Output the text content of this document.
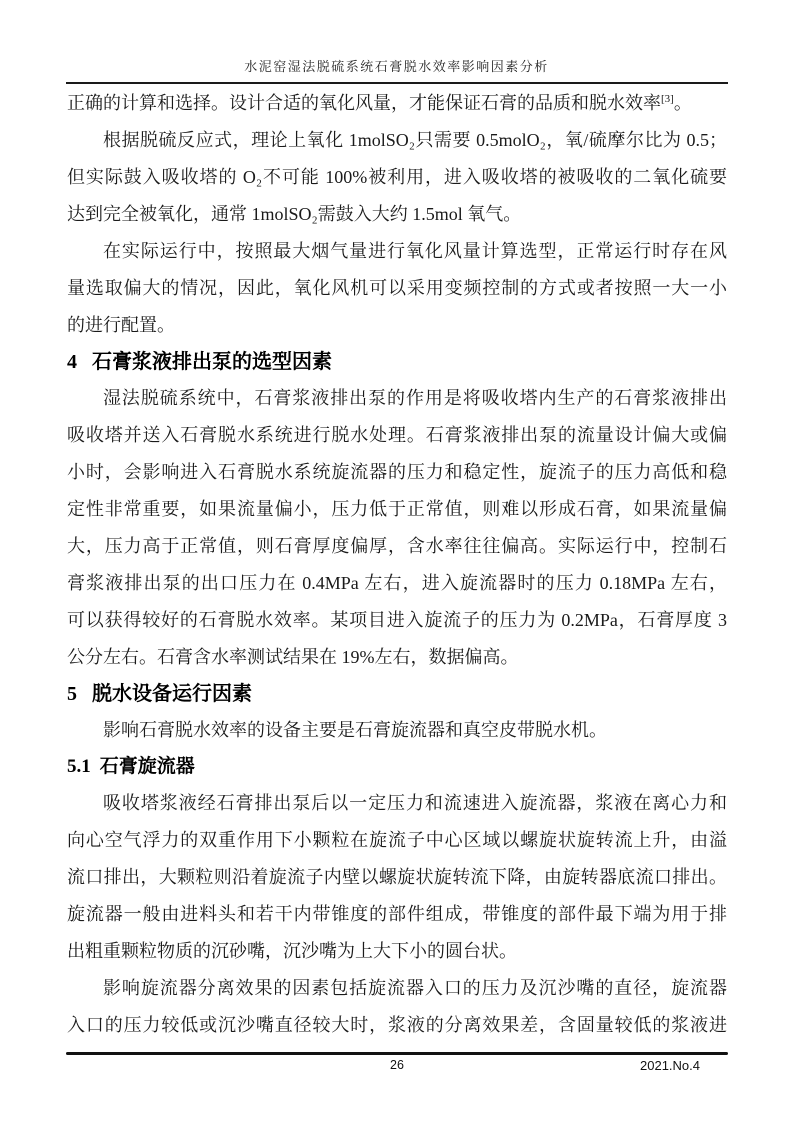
水泥窑湿法脱硫系统石膏脱水效率影响因素分析
正确的计算和选择。设计合适的氧化风量，才能保证石膏的品质和脱水效率[3]。
根据脱硫反应式，理论上氧化 1molSO₂只需要 0.5molO₂，氧/硫摩尔比为 0.5；
但实际鼓入吸收塔的 O₂不可能 100%被利用，进入吸收塔的被吸收的二氧化硫要
达到完全被氧化，通常 1molSO₂需鼓入大约 1.5mol 氧气。
在实际运行中，按照最大烟气量进行氧化风量计算选型，正常运行时存在风
量选取偏大的情况，因此，氧化风机可以采用变频控制的方式或者按照一大一小
的进行配置。
4 石膏浆液排出泵的选型因素
湿法脱硫系统中，石膏浆液排出泵的作用是将吸收塔内生产的石膏浆液排出
吸收塔并送入石膏脱水系统进行脱水处理。石膏浆液排出泵的流量设计偏大或偏
小时，会影响进入石膏脱水系统旋流器的压力和稳定性，旋流子的压力高低和稳
定性非常重要，如果流量偏小，压力低于正常值，则难以形成石膏，如果流量偏
大，压力高于正常值，则石膏厚度偏厚，含水率往往偏高。实际运行中，控制石
膏浆液排出泵的出口压力在 0.4MPa 左右，进入旋流器时的压力 0.18MPa 左右，
可以获得较好的石膏脱水效率。某项目进入旋流子的压力为 0.2MPa，石膏厚度 3
公分左右。石膏含水率测试结果在 19%左右，数据偏高。
5 脱水设备运行因素
影响石膏脱水效率的设备主要是石膏旋流器和真空皮带脱水机。
5.1 石膏旋流器
吸收塔浆液经石膏排出泵后以一定压力和流速进入旋流器，浆液在离心力和
向心空气浮力的双重作用下小颗粒在旋流子中心区域以螺旋状旋转流上升，由溢
流口排出，大颗粒则沿着旋流子内壁以螺旋状旋转流下降，由旋转器底流口排出。
旋流器一般由进料头和若干内带锥度的部件组成，带锥度的部件最下端为用于排
出粗重颗粒物质的沉砂嘴，沉沙嘴为上大下小的圆台状。
影响旋流器分离效果的因素包括旋流器入口的压力及沉沙嘴的直径，旋流器
入口的压力较低或沉沙嘴直径较大时，浆液的分离效果差，含固量较低的浆液进
26	2021.No.4
